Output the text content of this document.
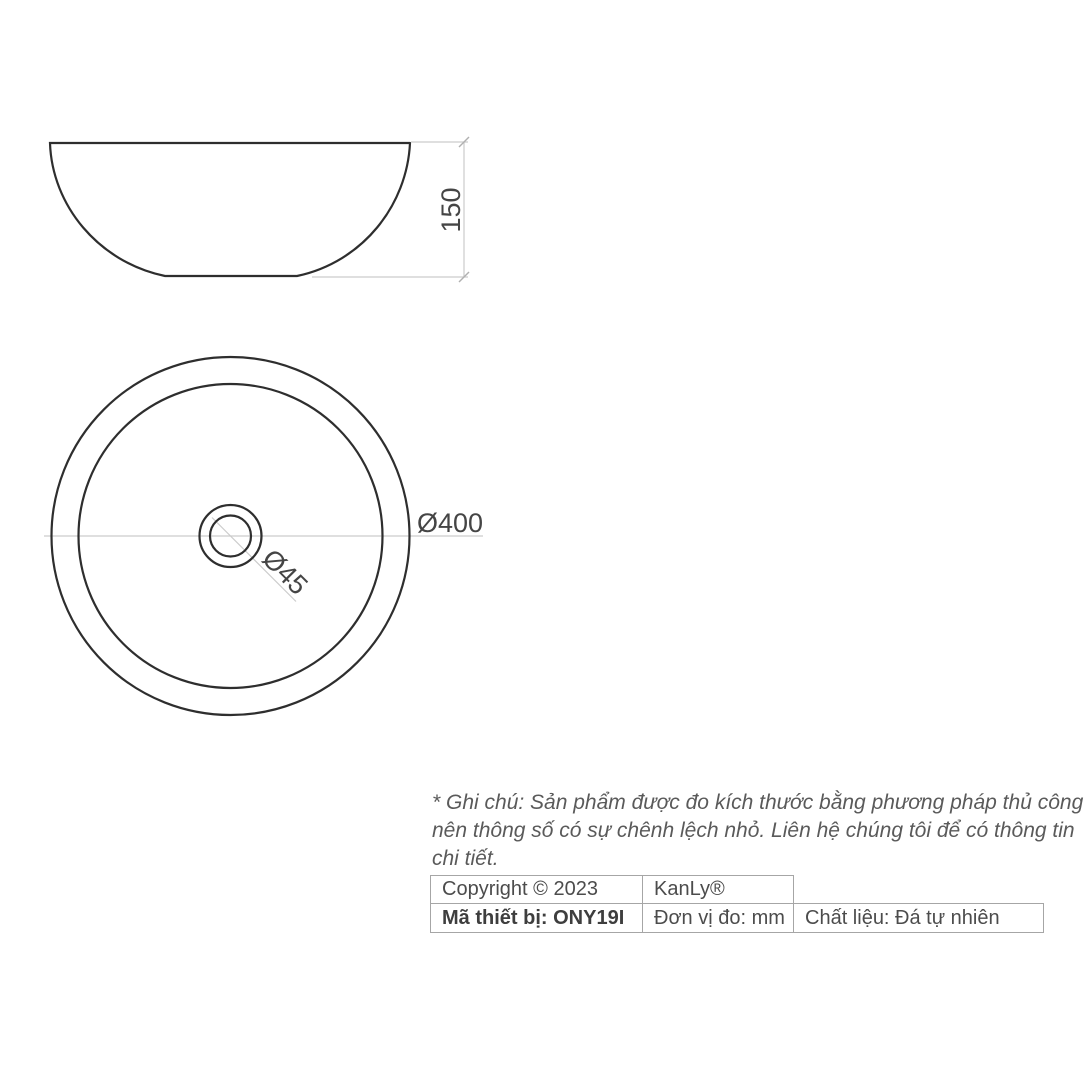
150
Ø400
Ø45
* Ghi chú: Sản phẩm được đo kích thước bằng phương pháp thủ công
nên thông số có sự chênh lệch nhỏ. Liên hệ chúng tôi để có thông tin
chi tiết.
Copyright © 2023	KanLy®
Mã thiết bị: ONY19I	Đơn vị đo: mm	Chất liệu: Đá tự nhiên
